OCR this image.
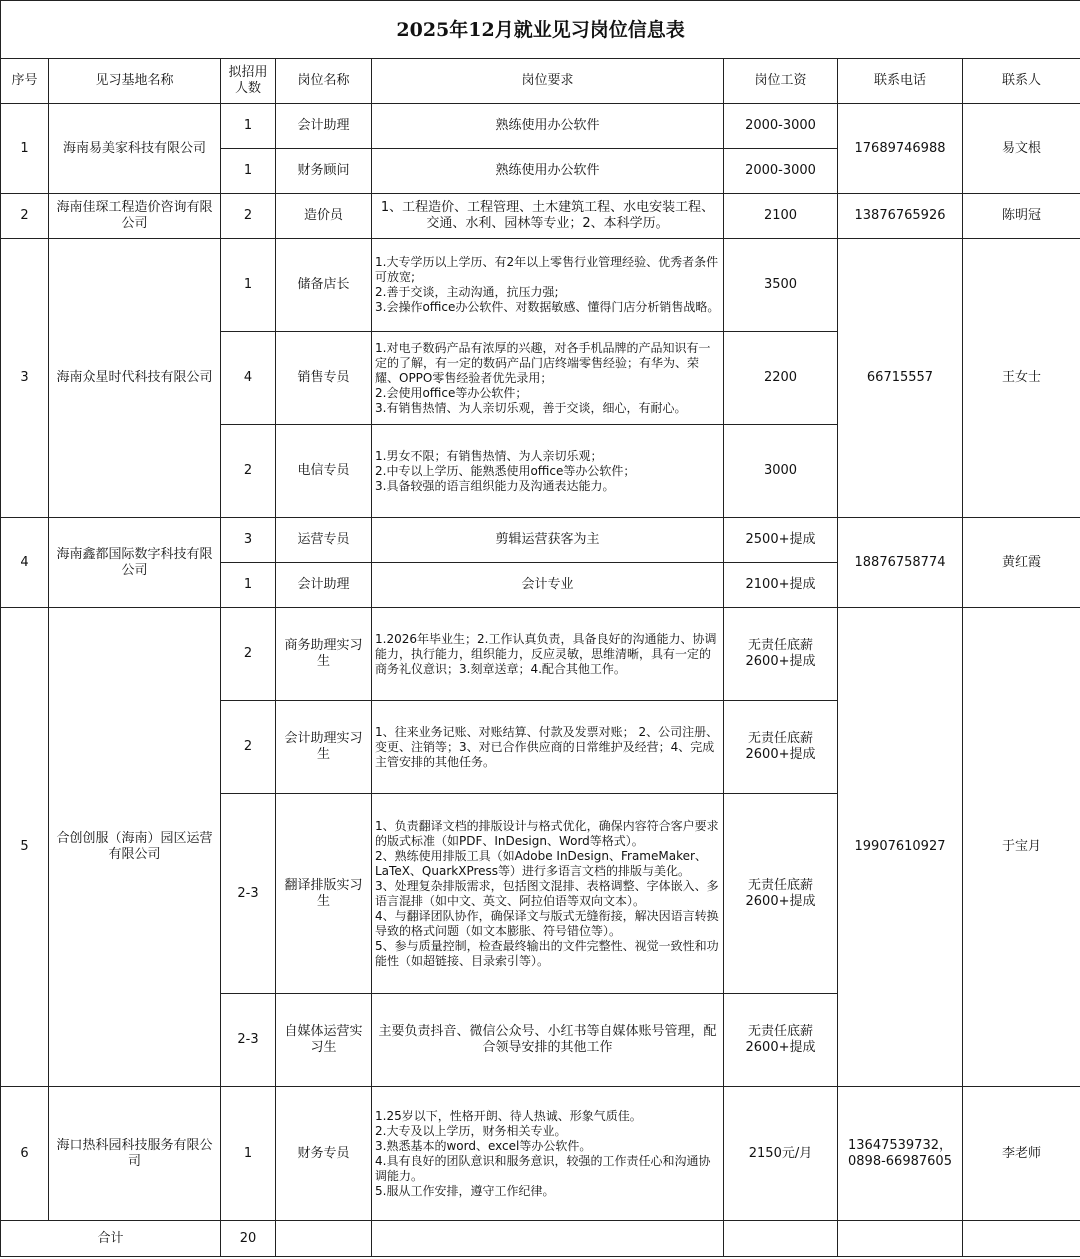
2025年12月就业见习岗位信息表							
序号	见习基地名称	拟招用人数	岗位名称	岗位要求	岗位工资	联系电话	联系人
1	海南易美家科技有限公司	1	会计助理	熟练使用办公软件	2000-3000	17689746988	易文根
		1	财务顾问	熟练使用办公软件	2000-3000		
2	海南佳琛工程造价咨询有限公司	2	造价员	1、工程造价、工程管理、土木建筑工程、水电安装工程、交通、水利、园林等专业；2、本科学历。	2100	13876765926	陈明冠
3	海南众星时代科技有限公司	1	储备店长	1.大专学历以上学历、有2年以上零售行业管理经验、优秀者条件可放宽;
2.善于交谈，主动沟通，抗压力强;
3.会操作office办公软件、对数据敏感、懂得门店分析销售战略。	3500	66715557	王女士
		4	销售专员	1.对电子数码产品有浓厚的兴趣，对各手机品牌的产品知识有一定的了解，有一定的数码产品门店终端零售经验；有华为、荣耀、OPPO零售经验者优先录用；
2.会使用office等办公软件；
3.有销售热情、为人亲切乐观，善于交谈，细心，有耐心。	2200		
		2	电信专员	1.男女不限；有销售热情、为人亲切乐观；
2.中专以上学历、能熟悉使用office等办公软件；
3.具备较强的语言组织能力及沟通表达能力。	3000		
4	海南鑫都国际数字科技有限公司	3	运营专员	剪辑运营获客为主	2500+提成	18876758774	黄红霞
		1	会计助理	会计专业	2100+提成		
5	合创创服（海南）园区运营有限公司	2	商务助理实习生	1.2026年毕业生；2.工作认真负责，具备良好的沟通能力、协调能力，执行能力，组织能力，反应灵敏，思维清晰，具有一定的商务礼仪意识；3.刻章送章；4.配合其他工作。	无责任底薪2600+提成	19907610927	于宝月
		2	会计助理实习生	1、往来业务记账、对账结算、付款及发票对账； 2、公司注册、变更、注销等；3、对已合作供应商的日常维护及经营；4、完成主管安排的其他任务。	无责任底薪2600+提成		
		2-3	翻译排版实习生	1、负责翻译文档的排版设计与格式优化，确保内容符合客户要求的版式标准（如PDF、InDesign、Word等格式）。
2、熟练使用排版工具（如Adobe InDesign、FrameMaker、LaTeX、QuarkXPress等）进行多语言文档的排版与美化。
3、处理复杂排版需求，包括图文混排、表格调整、字体嵌入、多语言混排（如中文、英文、阿拉伯语等双向文本）。
4、与翻译团队协作，确保译文与版式无缝衔接，解决因语言转换导致的格式问题（如文本膨胀、符号错位等）。
5、参与质量控制，检查最终输出的文件完整性、视觉一致性和功能性（如超链接、目录索引等）。	无责任底薪2600+提成		
		2-3	自媒体运营实习生	主要负责抖音、微信公众号、小红书等自媒体账号管理，配合领导安排的其他工作	无责任底薪2600+提成		
6	海口热科园科技服务有限公司	1	财务专员	1.25岁以下，性格开朗、待人热诚、形象气质佳。
2.大专及以上学历，财务相关专业。
3.熟悉基本的word、excel等办公软件。
4.具有良好的团队意识和服务意识，较强的工作责任心和沟通协调能力。
5.服从工作安排，遵守工作纪律。	2150元/月	13647539732，
0898-66987605	李老师
合计		20					
